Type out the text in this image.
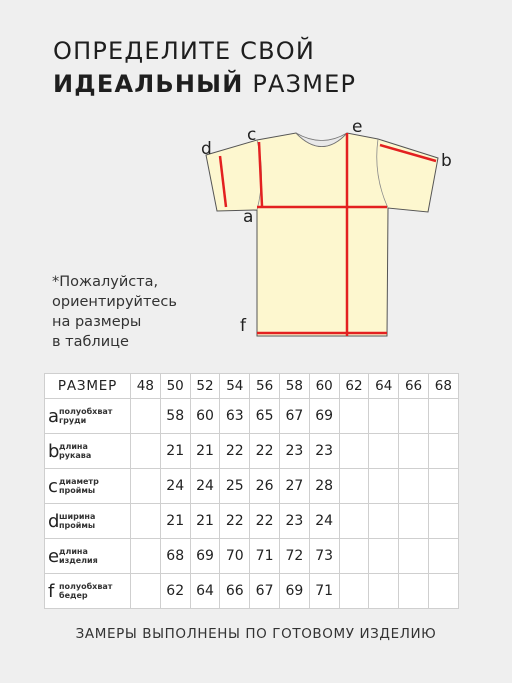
ОПРЕДЕЛИТЕ СВОЙ
ИДЕАЛЬНЫЙ РАЗМЕР
d
c	e
b
a
f
*Пожалуйста,
ориентируйтесь
на размеры
в таблице
РАЗМЕР	48	50	52	54	56	58	60	62	64	66	68
a полуобхват
груди		58	60	63	65	67	69				
b длина
рукава		21	21	22	22	23	23				
c диаметр
проймы		24	24	25	26	27	28				
d ширина
проймы		21	21	22	22	23	24				
e длина
изделия		68	69	70	71	72	73				
f полуобхват
бедер		62	64	66	67	69	71				
ЗАМЕРЫ ВЫПОЛНЕНЫ ПО ГОТОВОМУ ИЗДЕЛИЮ
